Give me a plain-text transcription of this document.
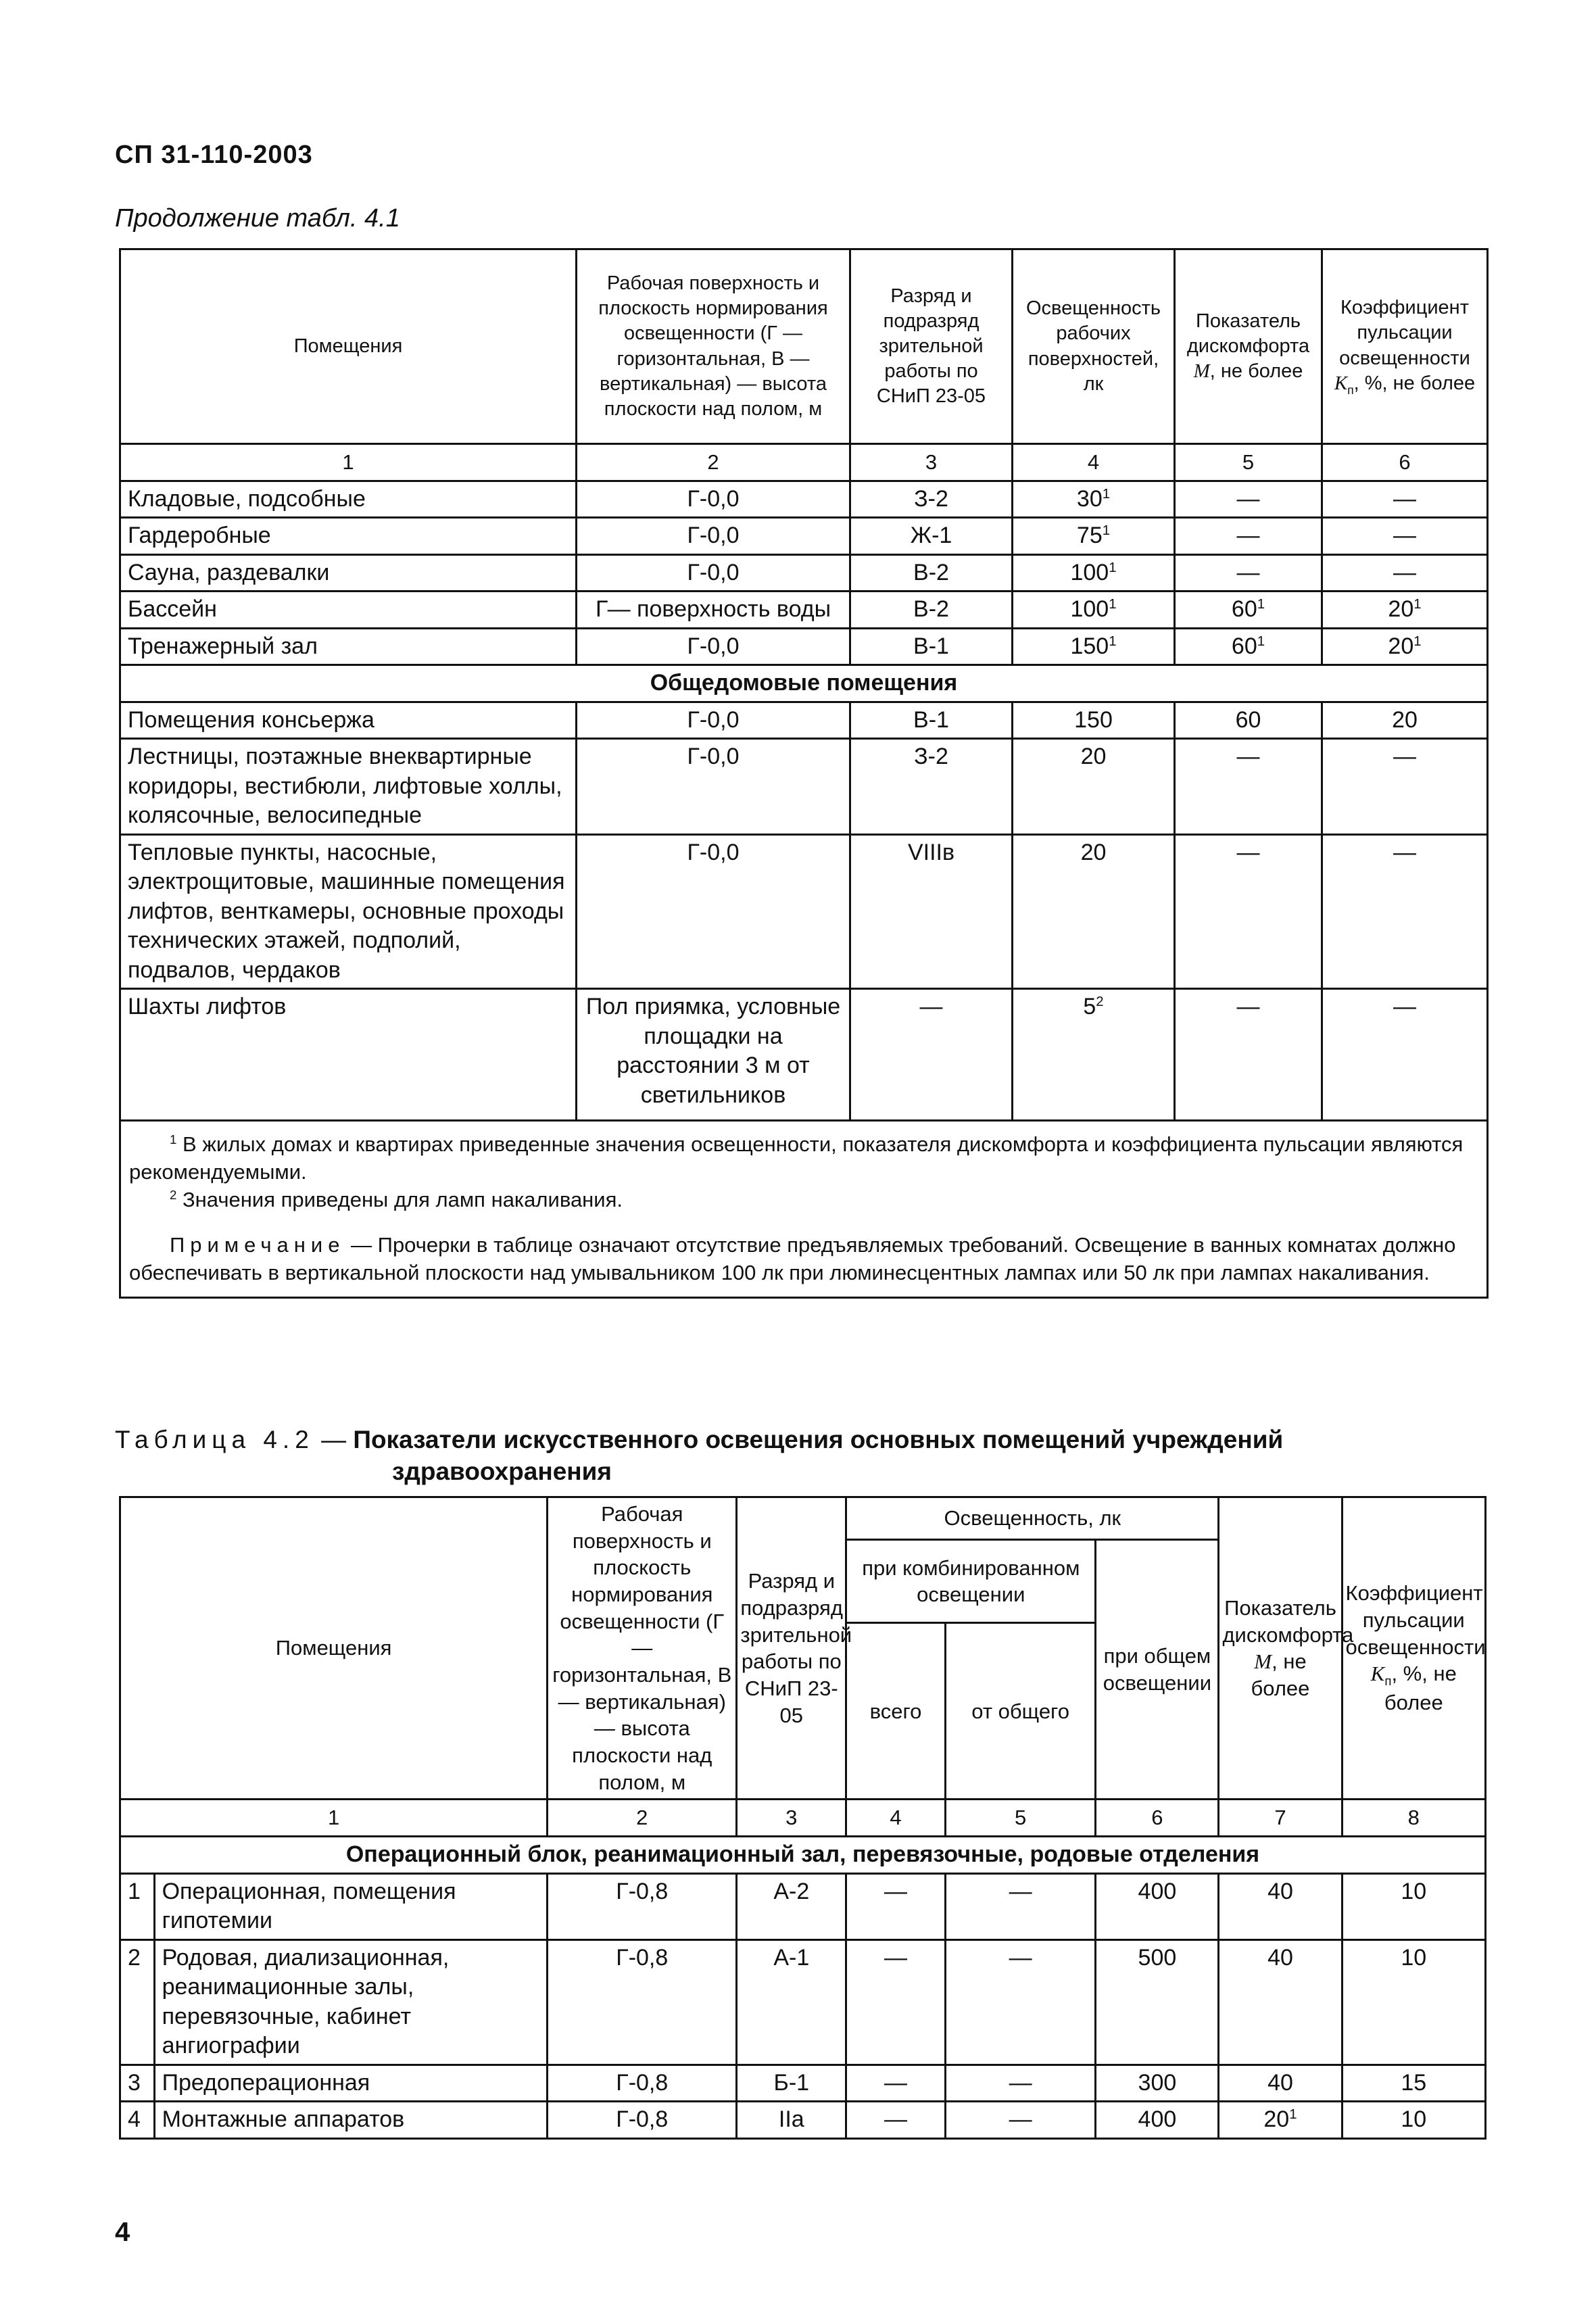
СП 31-110-2003
Продолжение табл. 4.1
Помещения	Рабочая поверхность и плоскость нормирования освещенности (Г — горизонтальная, В — вертикальная) — высота плоскости над полом, м	Разряд и подразряд зрительной работы по СНиП 23-05	Освещенность рабочих поверхностей, лк	Показатель дискомфорта M, не более	Коэффициент пульсации освещенности $K_п$, %, не более
1	2	3	4	5	6
Кладовые, подсобные	Г-0,0	З-2	$30^1$	—	—
Гардеробные	Г-0,0	Ж-1	$75^1$	—	—
Сауна, раздевалки	Г-0,0	В-2	$100^1$	—	—
Бассейн	Г— поверхность воды	В-2	$100^1$	$60^1$	$20^1$
Тренажерный зал	Г-0,0	В-1	$150^1$	$60^1$	$20^1$
Общедомовые помещения					
Помещения консьержа	Г-0,0	В-1	150	60	20
Лестницы, поэтажные внеквартирные коридоры, вестибюли, лифтовые холлы, колясочные, велосипедные	Г-0,0	З-2	20	—	—
Тепловые пункты, насосные, электрощитовые, машинные помещения лифтов, венткамеры, основные проходы технических этажей, подполий, подвалов, чердаков	Г-0,0	VIIIв	20	—	—
Шахты лифтов	Пол приямка, условные площадки на расстоянии 3 м от светильников	—	$5^2$	—	—

$^1$ В жилых домах и квартирах приведенные значения освещенности, показателя дискомфорта и коэффициента пульсации являются рекомендуемыми.
$^2$ Значения приведены для ламп накаливания.
Примечание — Прочерки в таблице означают отсутствие предъявляемых требований. Освещение в ванных комнатах должно обеспечивать в вертикальной плоскости над умывальником 100 лк при люминесцентных лампах или 50 лк при лампах накаливания.					
Таблица 4.2 — Показатели искусственного освещения основных помещений учреждений
здравоохранения
Помещения		Рабочая поверхность и плоскость нормирования освещенности (Г — горизонтальная, В — вертикальная) — высота плоскости над полом, м	Разряд и подразряд зрительной работы по СНиП 23-05	Освещенность, лк			Показатель дискомфорта M, не более	Коэффициент пульсации освещенности $K_п$, %, не более
				при комбинированном освещении		при общем освещении		
				всего	от общего			
1		2	3	4	5	6	7	8
Операционный блок, реанимационный зал, перевязочные, родовые отделения								
1	Операционная, помещения гипотемии	Г-0,8	А-2	—	—	400	40	10
2	Родовая, диализационная, реанимационные залы, перевязочные, кабинет ангиографии	Г-0,8	А-1	—	—	500	40	10
3	Предоперационная	Г-0,8	Б-1	—	—	300	40	15
4	Монтажные аппаратов	Г-0,8	IIа	—	—	400	$20^1$	10
4
